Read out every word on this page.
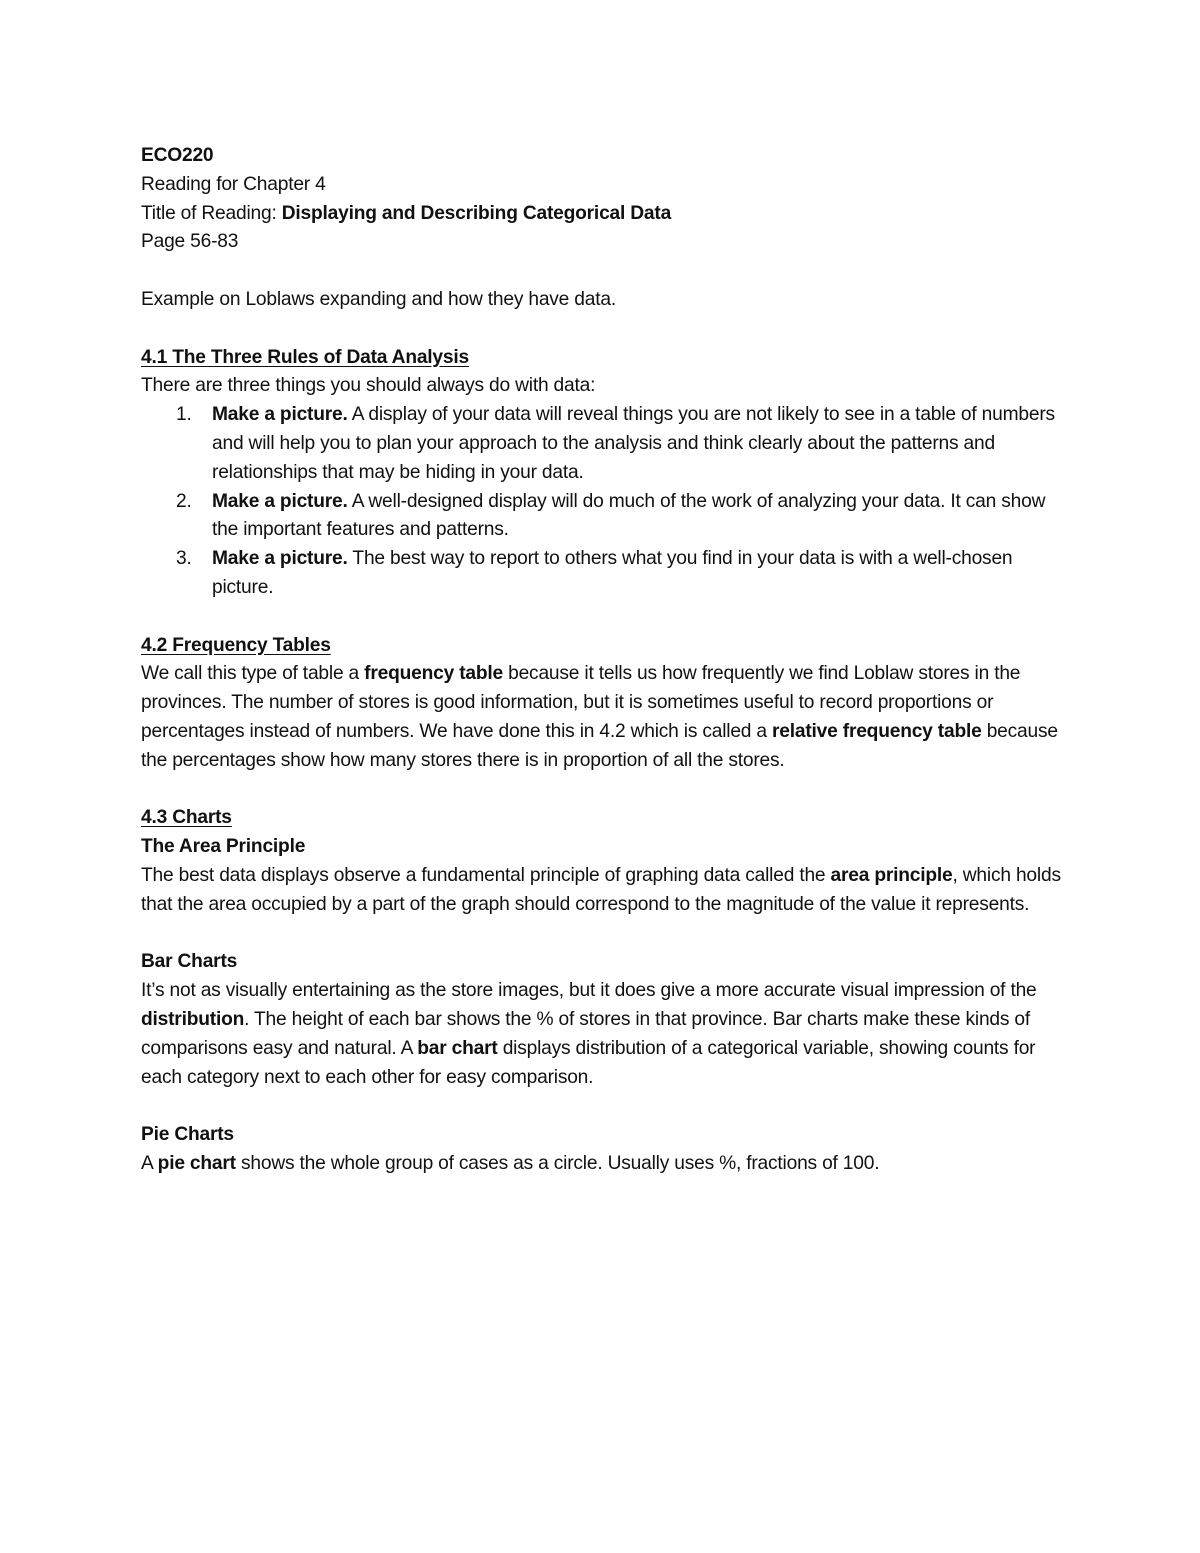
ECO220
Reading for Chapter 4
Title of Reading: Displaying and Describing Categorical Data
Page 56-83
Example on Loblaws expanding and how they have data.
4.1 The Three Rules of Data Analysis
There are three things you should always do with data:
1. Make a picture. A display of your data will reveal things you are not likely to see in a table of numbers and will help you to plan your approach to the analysis and think clearly about the patterns and relationships that may be hiding in your data.
2. Make a picture. A well-designed display will do much of the work of analyzing your data. It can show the important features and patterns.
3. Make a picture. The best way to report to others what you find in your data is with a well-chosen picture.
4.2 Frequency Tables

We call this type of table a frequency table because it tells us how frequently we find Loblaw stores in the provinces. The number of stores is good information, but it is sometimes useful to record proportions or percentages instead of numbers. We have done this in 4.2 which is called a relative frequency table because the percentages show how many stores there is in proportion of all the stores.

4.3 Charts
The Area Principle

The best data displays observe a fundamental principle of graphing data called the area principle, which holds that the area occupied by a part of the graph should correspond to the magnitude of the value it represents.

Bar Charts

It’s not as visually entertaining as the store images, but it does give a more accurate visual impression of the distribution. The height of each bar shows the % of stores in that province. Bar charts make these kinds of comparisons easy and natural. A bar chart displays distribution of a categorical variable, showing counts for each category next to each other for easy comparison.

Pie Charts

A pie chart shows the whole group of cases as a circle. Usually uses %, fractions of 100.
